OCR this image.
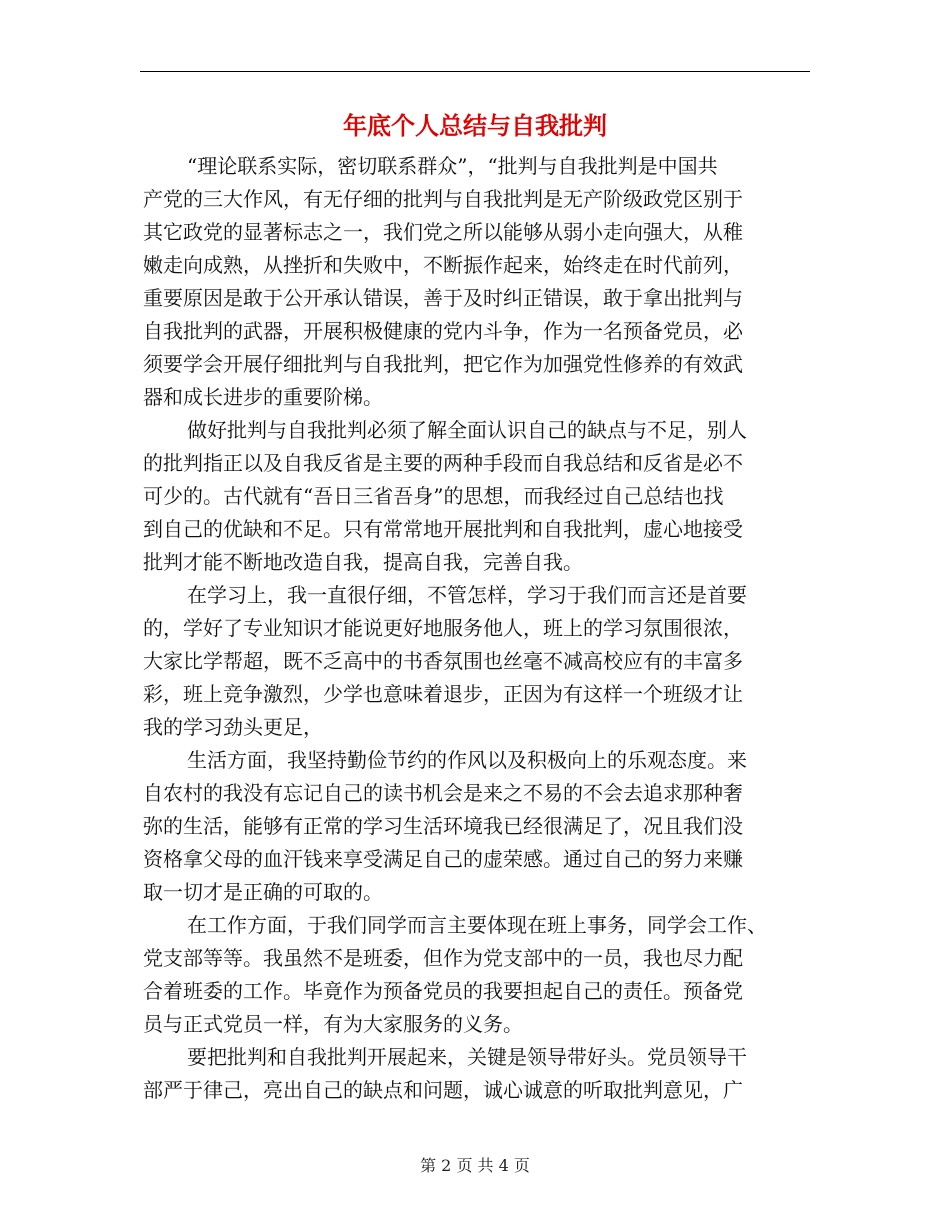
年底个人总结与自我批判
“理论联系实际，密切联系群众”，“批判与自我批判是中国共
产党的三大作风，有无仔细的批判与自我批判是无产阶级政党区别于
其它政党的显著标志之一，我们党之所以能够从弱小走向强大，从稚
嫩走向成熟，从挫折和失败中，不断振作起来，始终走在时代前列，
重要原因是敢于公开承认错误，善于及时纠正错误，敢于拿出批判与
自我批判的武器，开展积极健康的党内斗争，作为一名预备党员，必
须要学会开展仔细批判与自我批判，把它作为加强党性修养的有效武
器和成长进步的重要阶梯。
做好批判与自我批判必须了解全面认识自己的缺点与不足，别人
的批判指正以及自我反省是主要的两种手段而自我总结和反省是必不
可少的。古代就有“吾日三省吾身”的思想，而我经过自己总结也找
到自己的优缺和不足。只有常常地开展批判和自我批判，虚心地接受
批判才能不断地改造自我，提高自我，完善自我。
在学习上，我一直很仔细，不管怎样，学习于我们而言还是首要
的，学好了专业知识才能说更好地服务他人，班上的学习氛围很浓，
大家比学帮超，既不乏高中的书香氛围也丝毫不减高校应有的丰富多
彩，班上竞争激烈，少学也意味着退步，正因为有这样一个班级才让
我的学习劲头更足，
生活方面，我坚持勤俭节约的作风以及积极向上的乐观态度。来
自农村的我没有忘记自己的读书机会是来之不易的不会去追求那种奢
弥的生活，能够有正常的学习生活环境我已经很满足了，况且我们没
资格拿父母的血汗钱来享受满足自己的虚荣感。通过自己的努力来赚
取一切才是正确的可取的。
在工作方面，于我们同学而言主要体现在班上事务，同学会工作、
党支部等等。我虽然不是班委，但作为党支部中的一员，我也尽力配
合着班委的工作。毕竟作为预备党员的我要担起自己的责任。预备党
员与正式党员一样，有为大家服务的义务。
要把批判和自我批判开展起来，关键是领导带好头。党员领导干
部严于律己，亮出自己的缺点和问题，诚心诚意的听取批判意见，广
第 2 页 共 4 页
